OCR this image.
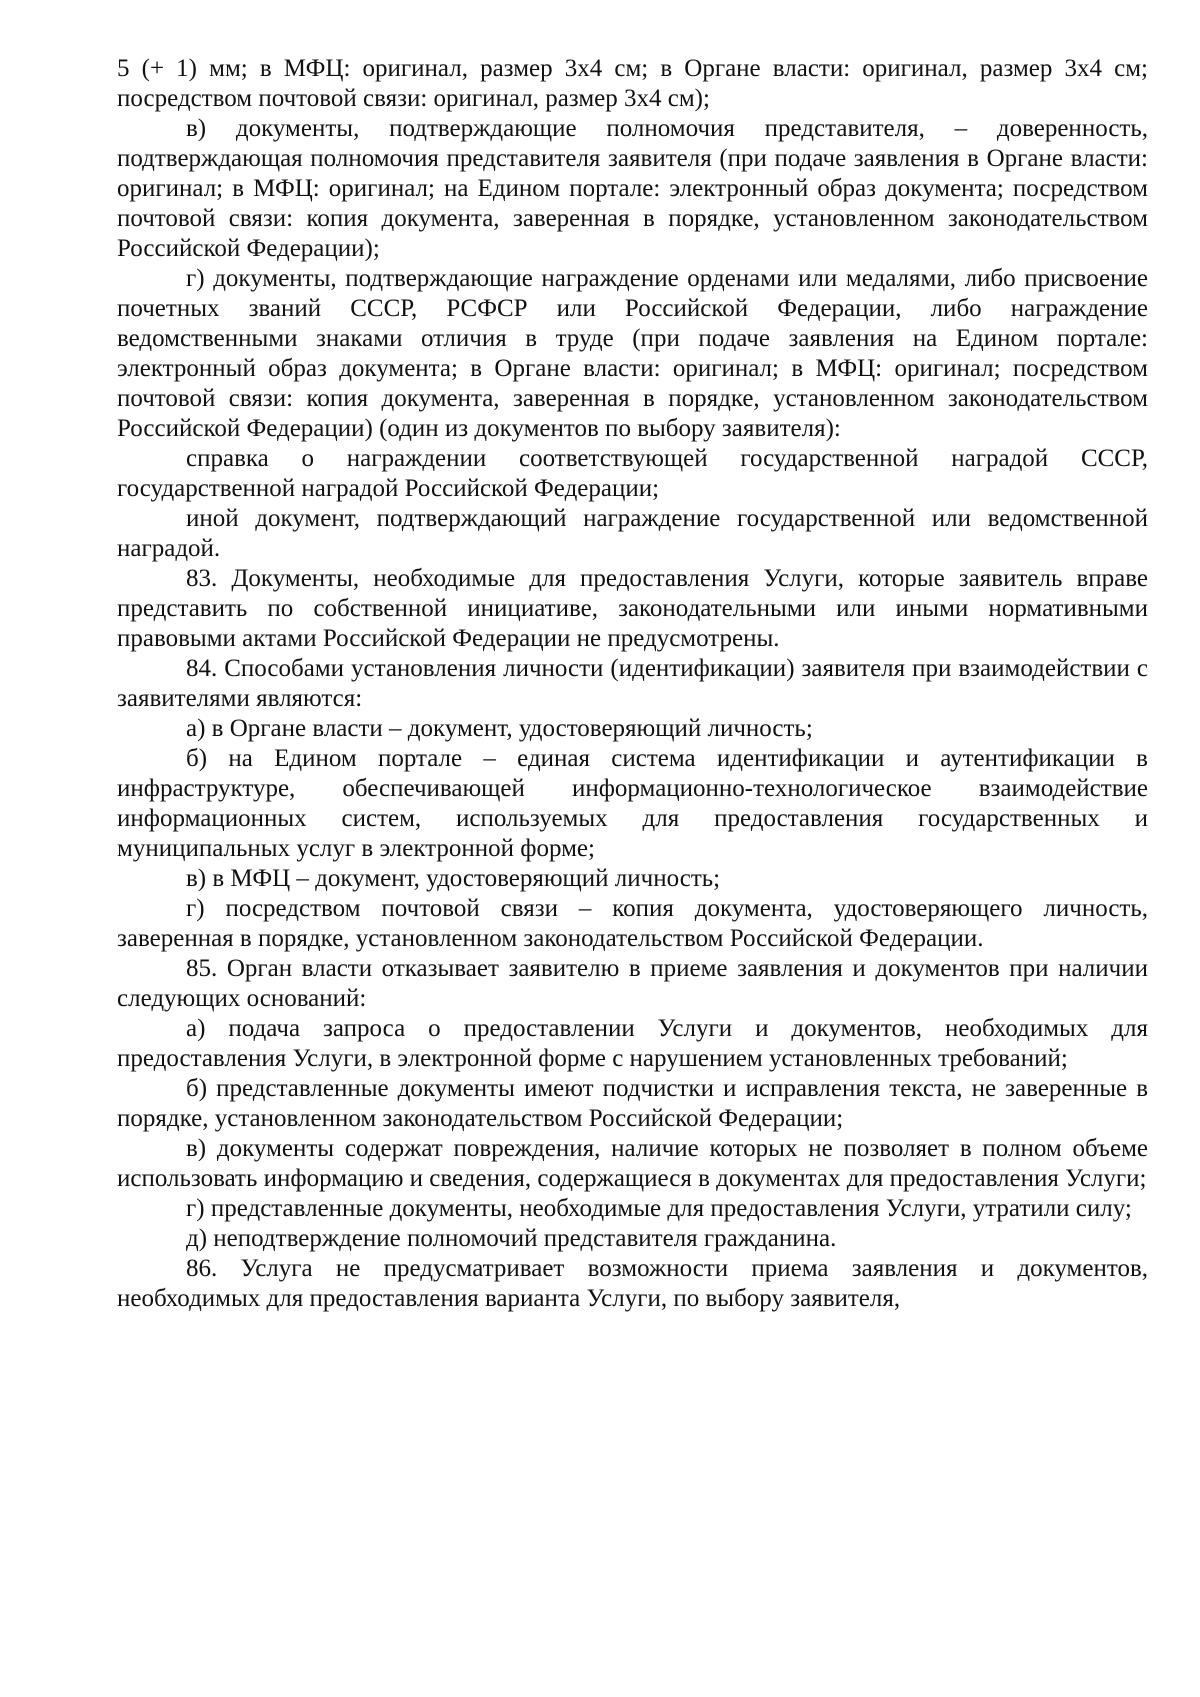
5 (+ 1) мм; в МФЦ: оригинал, размер 3х4 см; в Органе власти: оригинал, размер 3х4 см; посредством почтовой связи: оригинал, размер 3х4 см);

в) документы, подтверждающие полномочия представителя, – доверенность, подтверждающая полномочия представителя заявителя (при подаче заявления в Органе власти: оригинал; в МФЦ: оригинал; на Едином портале: электронный образ документа; посредством почтовой связи: копия документа, заверенная в порядке, установленном законодательством Российской Федерации);

г) документы, подтверждающие награждение орденами или медалями, либо присвоение почетных званий СССР, РСФСР или Российской Федерации, либо награждение ведомственными знаками отличия в труде (при подаче заявления на Едином портале: электронный образ документа; в Органе власти: оригинал; в МФЦ: оригинал; посредством почтовой связи: копия документа, заверенная в порядке, установленном законодательством Российской Федерации) (один из документов по выбору заявителя):

справка о награждении соответствующей государственной наградой СССР, государственной наградой Российской Федерации;

иной документ, подтверждающий награждение государственной или ведомственной наградой.

83. Документы, необходимые для предоставления Услуги, которые заявитель вправе представить по собственной инициативе, законодательными или иными нормативными правовыми актами Российской Федерации не предусмотрены.

84. Способами установления личности (идентификации) заявителя при взаимодействии с заявителями являются:

а) в Органе власти – документ, удостоверяющий личность;

б) на Едином портале – единая система идентификации и аутентификации в инфраструктуре, обеспечивающей информационно-технологическое взаимодействие информационных систем, используемых для предоставления государственных и муниципальных услуг в электронной форме;

в) в МФЦ – документ, удостоверяющий личность;

г) посредством почтовой связи – копия документа, удостоверяющего личность, заверенная в порядке, установленном законодательством Российской Федерации.

85. Орган власти отказывает заявителю в приеме заявления и документов при наличии следующих оснований:

а) подача запроса о предоставлении Услуги и документов, необходимых для предоставления Услуги, в электронной форме с нарушением установленных требований;

б) представленные документы имеют подчистки и исправления текста, не заверенные в порядке, установленном законодательством Российской Федерации;

в) документы содержат повреждения, наличие которых не позволяет в полном объеме использовать информацию и сведения, содержащиеся в документах для предоставления Услуги;

г) представленные документы, необходимые для предоставления Услуги, утратили силу;

д) неподтверждение полномочий представителя гражданина.

86. Услуга не предусматривает возможности приема заявления и документов, необходимых для предоставления варианта Услуги, по выбору заявителя,
